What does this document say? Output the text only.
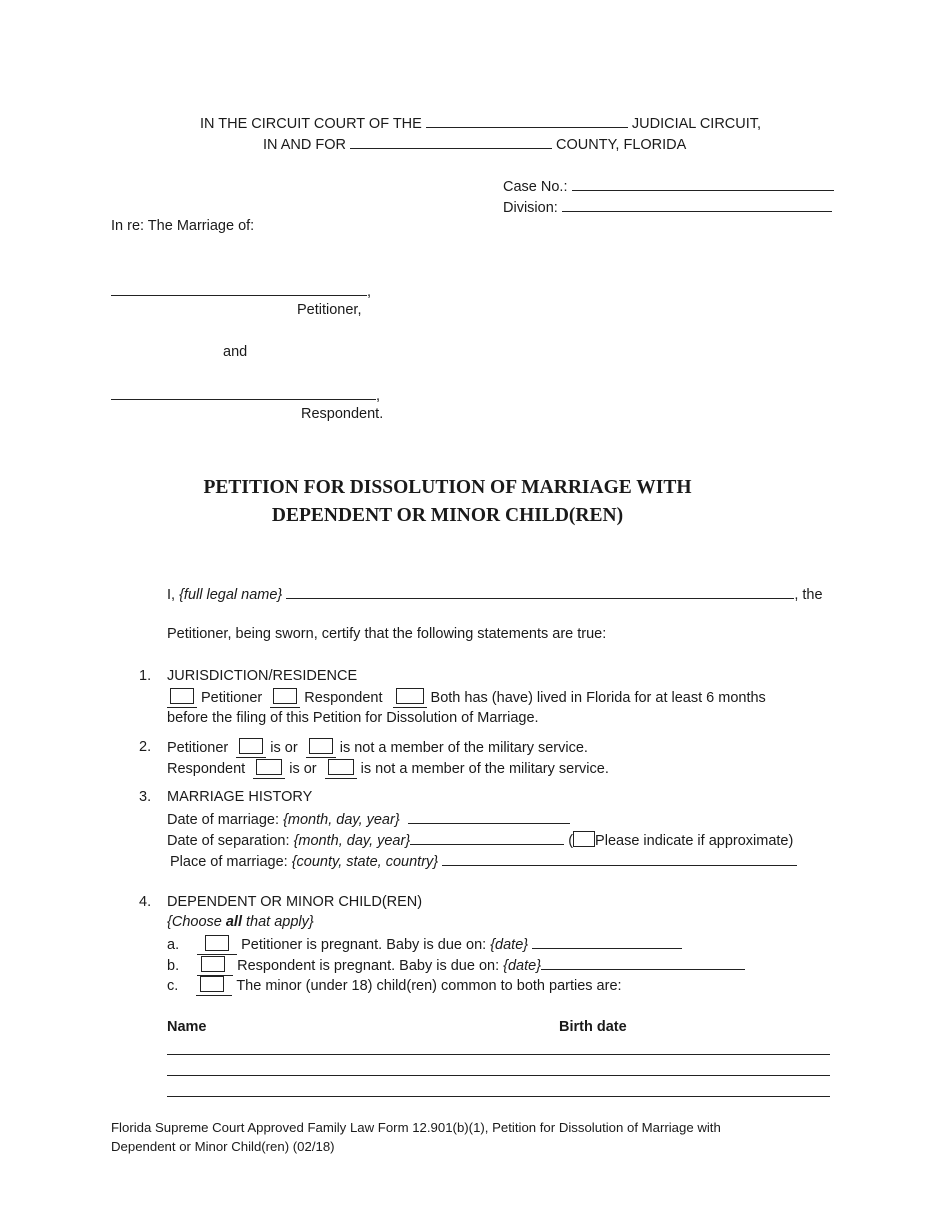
IN THE CIRCUIT COURT OF THE	JUDICIAL CIRCUIT,
IN AND FOR	COUNTY, FLORIDA
Case No.:
Division:
In re: The Marriage of:
,
Petitioner,
and
,
Respondent.
PETITION FOR DISSOLUTION OF MARRIAGE WITH
DEPENDENT OR MINOR CHILD(REN)
I, {full legal name}	, the
Petitioner, being sworn, certify that the following statements are true:
1.	JURISDICTION/RESIDENCE
Petitioner	Respondent	Both has (have) lived in Florida for at least 6 months
before the filing of this Petition for Dissolution of Marriage.
2.	Petitioner	is or	is not a member of the military service.
Respondent	is or	is not a member of the military service.
3.	MARRIAGE HISTORY
Date of marriage: {month, day, year}
Date of separation: {month, day, year}	( Please indicate if approximate)
Place of marriage: {county, state, country}
4.	DEPENDENT OR MINOR CHILD(REN)
{Choose all that apply}
a.	Petitioner is pregnant. Baby is due on: {date}
b.	Respondent is pregnant. Baby is due on: {date}
c.	The minor (under 18) child(ren) common to both parties are:
Name	Birth date
Florida Supreme Court Approved Family Law Form 12.901(b)(1), Petition for Dissolution of Marriage with
Dependent or Minor Child(ren) (02/18)
